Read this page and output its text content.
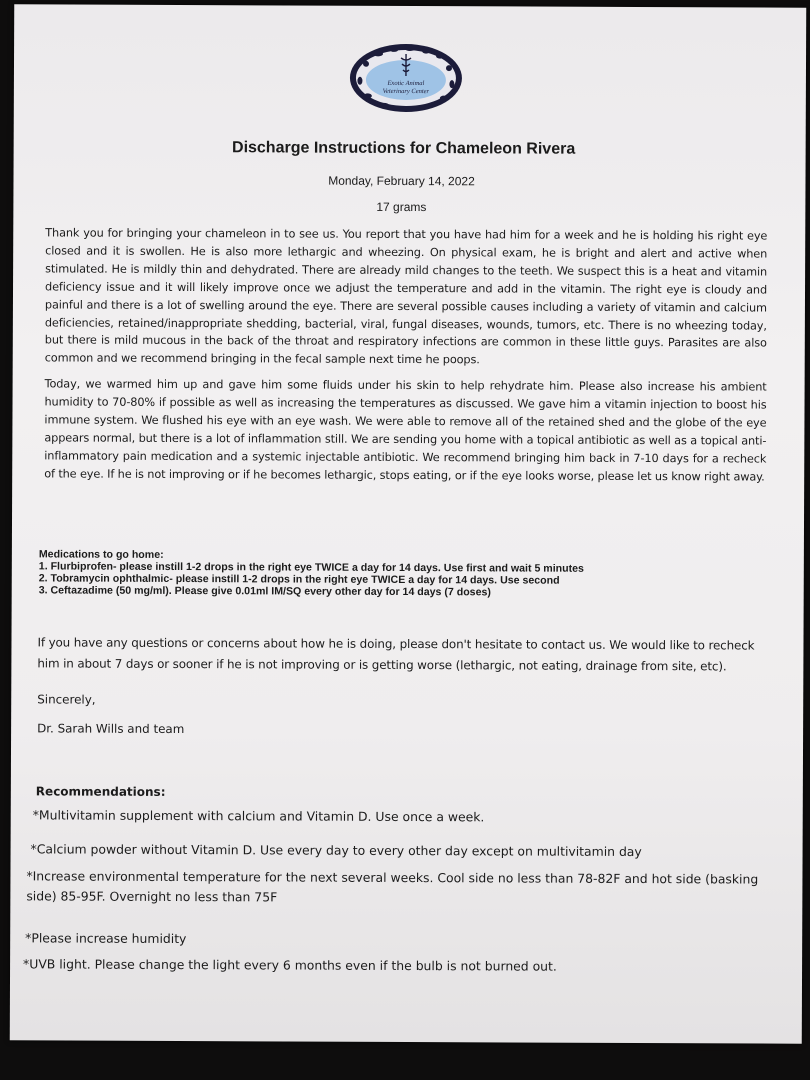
Exotic Animal
Veterinary Center
Discharge Instructions for Chameleon Rivera
Monday, February 14, 2022
17 grams

Thank you for bringing your chameleon in to see us. You report that you have had him for a week and he is holding his right eye closed and it is swollen. He is also more lethargic and wheezing. On physical exam, he is bright and alert and active when stimulated. He is mildly thin and dehydrated. There are already mild changes to the teeth. We suspect this is a heat and vitamin deficiency issue and it will likely improve once we adjust the temperature and add in the vitamin. The right eye is cloudy and painful and there is a lot of swelling around the eye. There are several possible causes including a variety of vitamin and calcium deficiencies, retained/inappropriate shedding, bacterial, viral, fungal diseases, wounds, tumors, etc. There is no wheezing today, but there is mild mucous in the back of the throat and respiratory infections are common in these little guys. Parasites are also common and we recommend bringing in the fecal sample next time he poops.

Today, we warmed him up and gave him some fluids under his skin to help rehydrate him. Please also increase his ambient humidity to 70-80% if possible as well as increasing the temperatures as discussed. We gave him a vitamin injection to boost his immune system. We flushed his eye with an eye wash. We were able to remove all of the retained shed and the globe of the eye appears normal, but there is a lot of inflammation still. We are sending you home with a topical antibiotic as well as a topical anti-inflammatory pain medication and a systemic injectable antibiotic. We recommend bringing him back in 7-10 days for a recheck of the eye. If he is not improving or if he becomes lethargic, stops eating, or if the eye looks worse, please let us know right away.

Medications to go home:
1. Flurbiprofen- please instill 1-2 drops in the right eye TWICE a day for 14 days. Use first and wait 5 minutes
2. Tobramycin ophthalmic- please instill 1-2 drops in the right eye TWICE a day for 14 days. Use second
3. Ceftazadime (50 mg/ml). Please give 0.01ml IM/SQ every other day for 14 days (7 doses)

If you have any questions or concerns about how he is doing, please don't hesitate to contact us. We would like to recheck him in about 7 days or sooner if he is not improving or is getting worse (lethargic, not eating, drainage from site, etc).

Sincerely,
Dr. Sarah Wills and team
Recommendations:
*Multivitamin supplement with calcium and Vitamin D. Use once a week.
*Calcium powder without Vitamin D. Use every day to every other day except on multivitamin day
*Increase environmental temperature for the next several weeks. Cool side no less than 78-82F and hot side (basking side) 85-95F. Overnight no less than 75F
*Please increase humidity
*UVB light. Please change the light every 6 months even if the bulb is not burned out.
